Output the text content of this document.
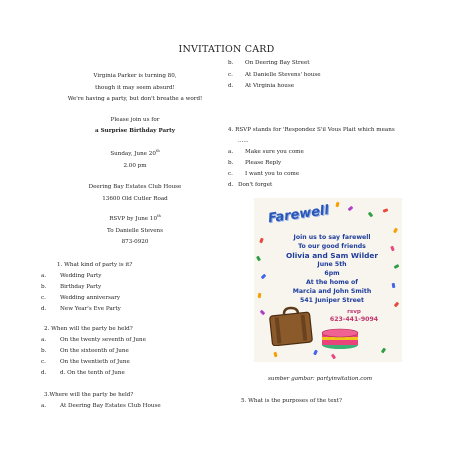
INVITATION CARD
Virginia Parker is turning 80,
though it may seem absurd!
We're having a party, but don't breathe a word!
Please join us for
a Surprise Birthday Party
Sunday, June 20th
2.00 pm
Deering Bay Estates Club House
13600 Old Cutler Road
RSVP by June 10th
To Danielle Stevens
873-0920
1. What kind of party is it?
a. Wedding Party
b. Birthday Party
c.	Wedding anniversary
d. New Year's Eve Party
2. When will the party be held?
a. On the twenty seventh of June
b. On the sixteenth of June
c.	On the twentieth of June
d. d. On the tenth of June
3.Where will the party be held?
a. At Deering Bay Estates Club House
b. On Deering Bay Street
c. At Danielle Stevens' house
d. At Virginia house
4. RSVP stands for 'Respondez S'il Vous Plait which means
......
a. Make sure you come
b. Please Reply
c. I want you to come
d. Don't forget
Farewell
Join us to say farewell
To our good friends
Olivia and Sam Wilder
June 5th
6pm
At the home of
Marcia and John Smith
541 Juniper Street
rsvp
623-441-9094
sumber gambar: partyinvitation.com
5. What is the purposes of the text?
